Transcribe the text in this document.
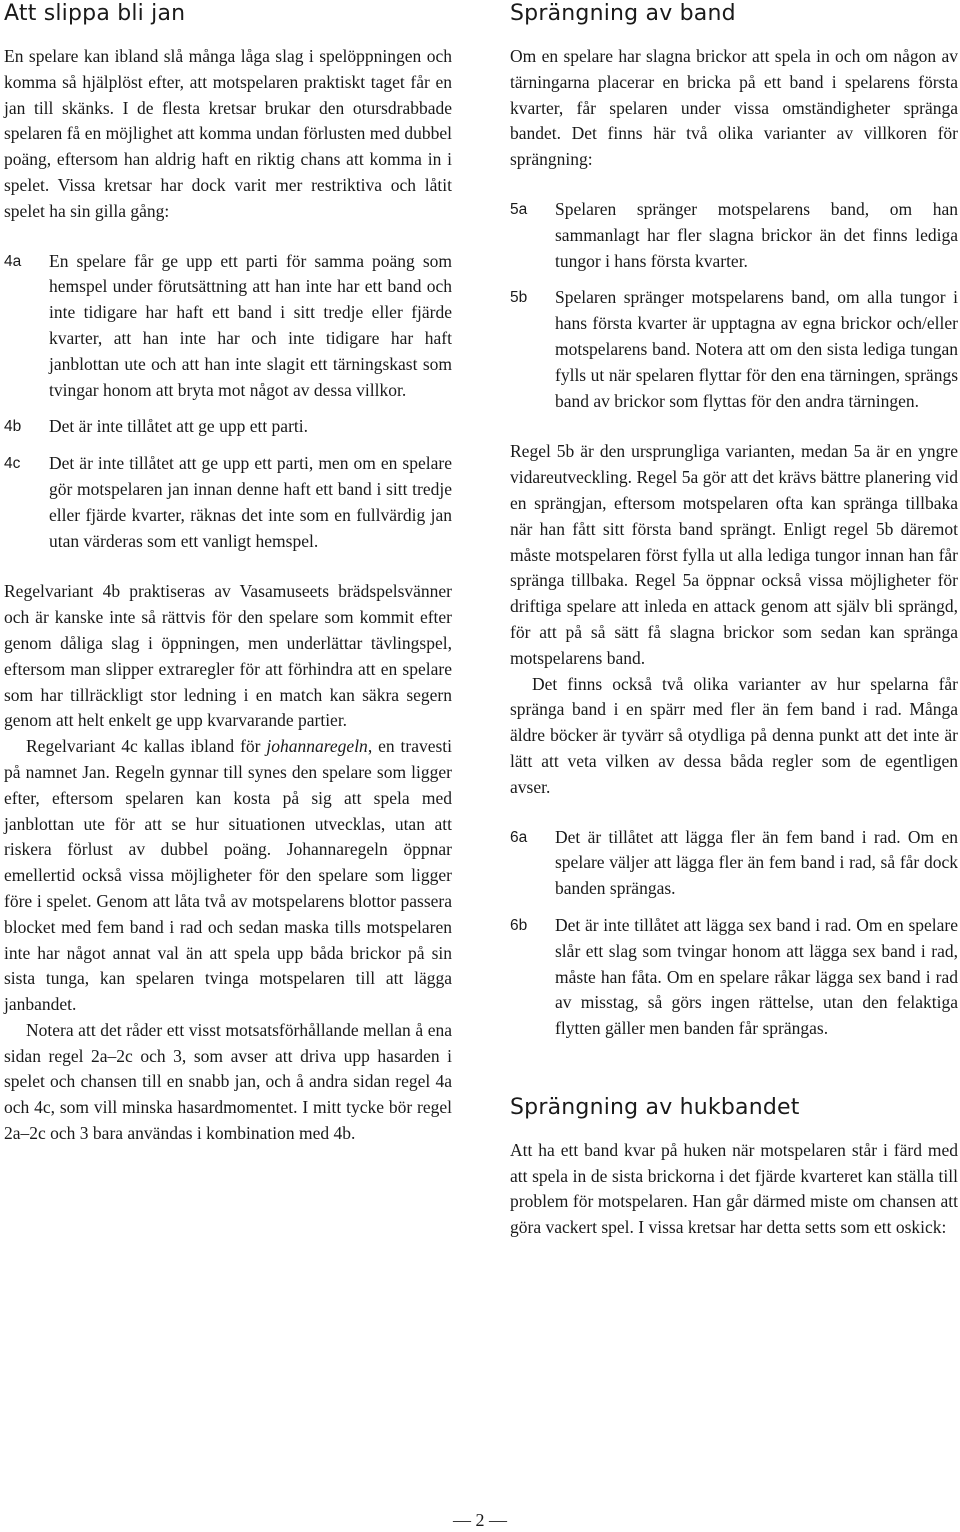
Att slippa bli jan

En spelare kan ibland slå många låga slag i spelöppningen och komma så hjälplöst efter, att motspelaren praktiskt taget får en jan till skänks. I de flesta kretsar brukar den otursdrabbade spelaren få en möjlighet att komma undan förlusten med dubbel poäng, eftersom han aldrig haft en riktig chans att komma in i spelet. Vissa kretsar har dock varit mer restriktiva och låtit spelet ha sin gilla gång:

4a	En spelare får ge upp ett parti för samma poäng som hemspel under förutsättning att han inte har ett band och inte tidigare har haft ett band i sitt tredje eller fjärde kvarter, att han inte har och inte tidigare har haft janblottan ute och att han inte slagit ett tärningskast som tvingar honom att bryta mot något av dessa villkor.

4b	Det är inte tillåtet att ge upp ett parti.

4c	Det är inte tillåtet att ge upp ett parti, men om en spelare gör motspelaren jan innan denne haft ett band i sitt tredje eller fjärde kvarter, räknas det inte som en fullvärdig jan utan värderas som ett vanligt hemspel.

Regelvariant 4b praktiseras av Vasamuseets brädspelsvänner och är kanske inte så rättvis för den spelare som kommit efter genom dåliga slag i öppningen, men underlättar tävlingspel, eftersom man slipper extraregler för att förhindra att en spelare som har tillräckligt stor ledning i en match kan säkra segern genom att helt enkelt ge upp kvarvarande partier.

Regelvariant 4c kallas ibland för johannaregeln, en travesti på namnet Jan. Regeln gynnar till synes den spelare som ligger efter, eftersom spelaren kan kosta på sig att spela med janblottan ute för att se hur situationen utvecklas, utan att riskera förlust av dubbel poäng. Johannaregeln öppnar emellertid också vissa möjligheter för den spelare som ligger före i spelet. Genom att låta två av motspelarens blottor passera blocket med fem band i rad och sedan maska tills motspelaren inte har något annat val än att spela upp båda brickor på sin sista tunga, kan spelaren tvinga motspelaren till att lägga janbandet.

Notera att det råder ett visst motsatsförhållande mellan å ena sidan regel 2a–2c och 3, som avser att driva upp hasarden i spelet och chansen till en snabb jan, och å andra sidan regel 4a och 4c, som vill minska hasardmomentet. I mitt tycke bör regel 2a–2c och 3 bara användas i kombination med 4b.

Sprängning av band

Om en spelare har slagna brickor att spela in och om någon av tärningarna placerar en bricka på ett band i spelarens första kvarter, får spelaren under vissa omständigheter spränga bandet. Det finns här två olika varianter av villkoren för sprängning:

5a	Spelaren spränger motspelarens band, om han sammanlagt har fler slagna brickor än det finns lediga tungor i hans första kvarter.

5b	Spelaren spränger motspelarens band, om alla tungor i hans första kvarter är upptagna av egna brickor och/eller motspelarens band. Notera att om den sista lediga tungan fylls ut när spelaren flyttar för den ena tärningen, sprängs band av brickor som flyttas för den andra tärningen.

Regel 5b är den ursprungliga varianten, medan 5a är en yngre vidareutveckling. Regel 5a gör att det krävs bättre planering vid en sprängjan, eftersom motspelaren ofta kan spränga tillbaka när han fått sitt första band sprängt. Enligt regel 5b däremot måste motspelaren först fylla ut alla lediga tungor innan han får spränga tillbaka. Regel 5a öppnar också vissa möjligheter för driftiga spelare att inleda en attack genom att själv bli sprängd, för att på så sätt få slagna brickor som sedan kan spränga motspelarens band.

Det finns också två olika varianter av hur spelarna får spränga band i en spärr med fler än fem band i rad. Många äldre böcker är tyvärr så otydliga på denna punkt att det inte är lätt att veta vilken av dessa båda regler som de egentligen avser.

6a	Det är tillåtet att lägga fler än fem band i rad. Om en spelare väljer att lägga fler än fem band i rad, så får dock banden sprängas.

6b	Det är inte tillåtet att lägga sex band i rad. Om en spelare slår ett slag som tvingar honom att lägga sex band i rad, måste han fåta. Om en spelare råkar lägga sex band i rad av misstag, så görs ingen rättelse, utan den felaktiga flytten gäller men banden får sprängas.

Sprängning av hukbandet

Att ha ett band kvar på huken när motspelaren står i färd med att spela in de sista brickorna i det fjärde kvarteret kan ställa till problem för motspelaren. Han går därmed miste om chansen att göra vackert spel. I vissa kretsar har detta setts som ett oskick:

— 2 —
